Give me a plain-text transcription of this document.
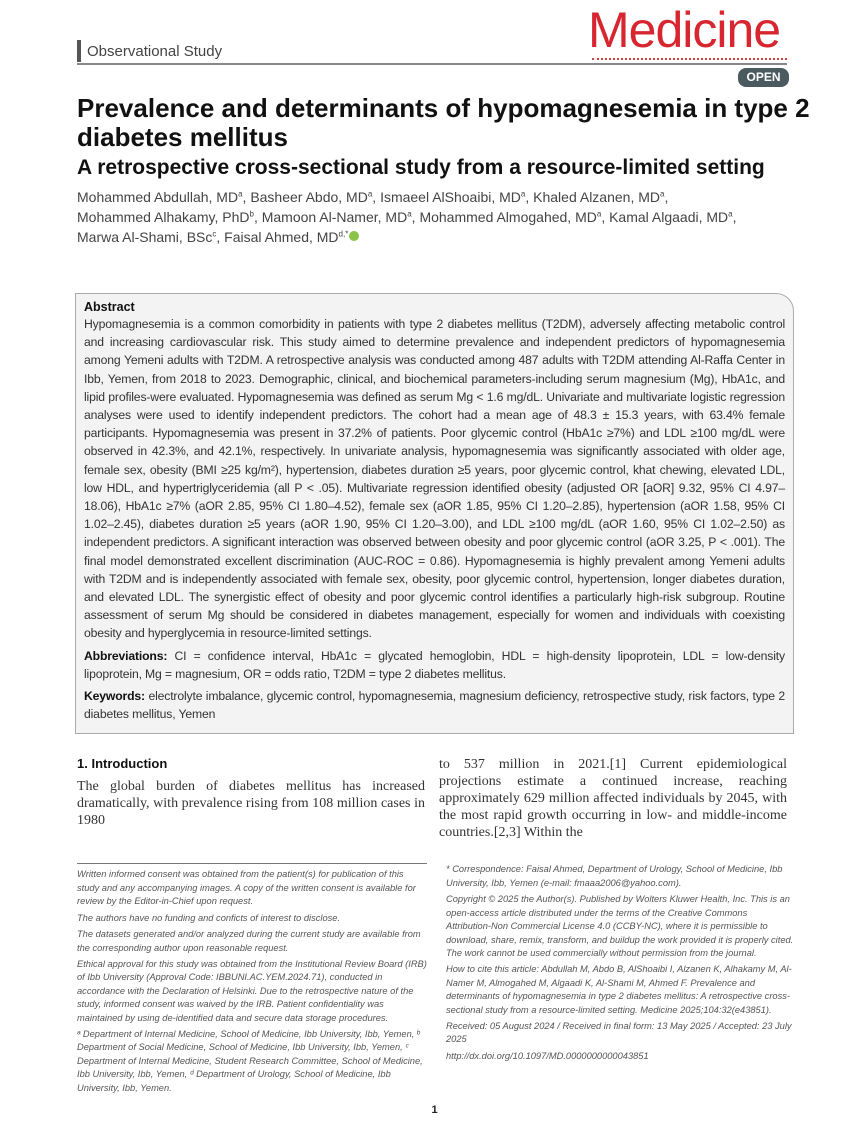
Observational Study	Medicine
OPEN
Prevalence and determinants of hypomagnesemia in type 2 diabetes mellitus
A retrospective cross-sectional study from a resource-limited setting
Mohammed Abdullah, $MD^a$, Basheer Abdo, $MD^a$, Ismaeel AlShoaibi, $MD^a$, Khaled Alzanen, $MD^a$,
Mohammed Alhakamy, PhD$^b$, Mamoon Al-Namer, $MD^a$, Mohammed Almogahed, $MD^a$, Kamal Algaadi, $MD^a$,
Marwa Al-Shami, BSc$^c$, Faisal Ahmed, $MD^{d,*}$
Abstract

Hypomagnesemia is a common comorbidity in patients with type 2 diabetes mellitus (T2DM), adversely affecting metabolic control and increasing cardiovascular risk. This study aimed to determine prevalence and independent predictors of hypomagnesemia among Yemeni adults with T2DM. A retrospective analysis was conducted among 487 adults with T2DM attending Al-Raffa Center in Ibb, Yemen, from 2018 to 2023. Demographic, clinical, and biochemical parameters-including serum magnesium (Mg), HbA1c, and lipid profiles-were evaluated. Hypomagnesemia was defined as serum Mg < 1.6 mg/dL. Univariate and multivariate logistic regression analyses were used to identify independent predictors. The cohort had a mean age of 48.3 ± 15.3 years, with 63.4% female participants. Hypomagnesemia was present in 37.2% of patients. Poor glycemic control (HbA1c ≥7%) and LDL ≥100 mg/dL were observed in 42.3%, and 42.1%, respectively. In univariate analysis, hypomagnesemia was significantly associated with older age, female sex, obesity (BMI ≥25 kg/m²), hypertension, diabetes duration ≥5 years, poor glycemic control, khat chewing, elevated LDL, low HDL, and hypertriglyceridemia (all P < .05). Multivariate regression identified obesity (adjusted OR [aOR] 9.32, 95% CI 4.97–18.06), HbA1c ≥7% (aOR 2.85, 95% CI 1.80–4.52), female sex (aOR 1.85, 95% CI 1.20–2.85), hypertension (aOR 1.58, 95% CI 1.02–2.45), diabetes duration ≥5 years (aOR 1.90, 95% CI 1.20–3.00), and LDL ≥100 mg/dL (aOR 1.60, 95% CI 1.02–2.50) as independent predictors. A significant interaction was observed between obesity and poor glycemic control (aOR 3.25, P < .001). The final model demonstrated excellent discrimination (AUC-ROC = 0.86). Hypomagnesemia is highly prevalent among Yemeni adults with T2DM and is independently associated with female sex, obesity, poor glycemic control, hypertension, longer diabetes duration, and elevated LDL. The synergistic effect of obesity and poor glycemic control identifies a particularly high-risk subgroup. Routine assessment of serum Mg should be considered in diabetes management, especially for women and individuals with coexisting obesity and hyperglycemia in resource-limited settings.

Abbreviations: CI = confidence interval, HbA1c = glycated hemoglobin, HDL = high-density lipoprotein, LDL = low-density lipoprotein, Mg = magnesium, OR = odds ratio, T2DM = type 2 diabetes mellitus.

Keywords: electrolyte imbalance, glycemic control, hypomagnesemia, magnesium deficiency, retrospective study, risk factors, type 2 diabetes mellitus, Yemen

1. Introduction
The global burden of diabetes mellitus has increased dramatically, with prevalence rising from 108 million cases in 1980
to 537 million in 2021.[1] Current epidemiological projections estimate a continued increase, reaching approximately 629 million affected individuals by 2045, with the most rapid growth occurring in low- and middle-income countries.[2,3] Within the

Written informed consent was obtained from the patient(s) for publication of this study and any accompanying images. A copy of the written consent is available for review by the Editor-in-Chief upon request.

The authors have no funding and conficts of interest to disclose.

The datasets generated and/or analyzed during the current study are available from the corresponding author upon reasonable request.

Ethical approval for this study was obtained from the Institutional Review Board (IRB) of Ibb University (Approval Code: IBBUNI.AC.YEM.2024.71), conducted in accordance with the Declaration of Helsinki. Due to the retrospective nature of the study, informed consent was waived by the IRB. Patient confidentiality was maintained by using de-identified data and secure data storage procedures.

ᵃ Department of Internal Medicine, School of Medicine, Ibb University, Ibb, Yemen, ᵇ Department of Social Medicine, School of Medicine, Ibb University, Ibb, Yemen, ᶜ Department of Internal Medicine, Student Research Committee, School of Medicine, Ibb University, Ibb, Yemen, ᵈ Department of Urology, School of Medicine, Ibb University, Ibb, Yemen.

* Correspondence: Faisal Ahmed, Department of Urology, School of Medicine, Ibb University, Ibb, Yemen (e-mail: fmaaa2006@yahoo.com).

Copyright © 2025 the Author(s). Published by Wolters Kluwer Health, Inc. This is an open-access article distributed under the terms of the Creative Commons Attribution-Non Commercial License 4.0 (CCBY-NC), where it is permissible to download, share, remix, transform, and buildup the work provided it is properly cited. The work cannot be used commercially without permission from the journal.

How to cite this article: Abdullah M, Abdo B, AlShoaibi I, Alzanen K, Alhakamy M, Al-Namer M, Almogahed M, Algaadi K, Al-Shami M, Ahmed F. Prevalence and determinants of hypomagnesemia in type 2 diabetes mellitus: A retrospective cross-sectional study from a resource-limited setting. Medicine 2025;104:32(e43851).

Received: 05 August 2024 / Received in final form: 13 May 2025 / Accepted: 23 July 2025

http://dx.doi.org/10.1097/MD.0000000000043851

1
